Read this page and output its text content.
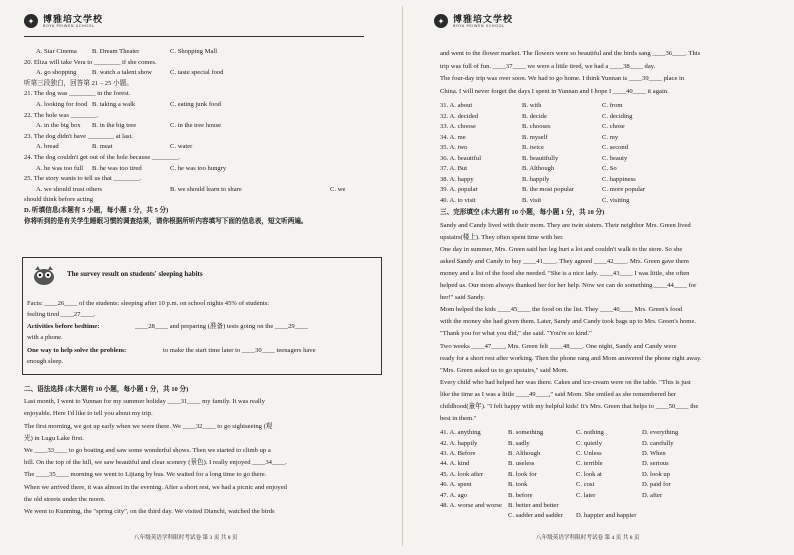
✦ 博雅培文学校
BOYA PEIWEN SCHOOL
A. Star Cinema B. Dream Theater	C. Shopping Mall
20. Eliza will take Vera to ________ if she comes.
A. go shopping B. watch a talent show	C. taste special food
听第三段独白，回答第 21 – 25 小题。
21. The dog was ________ in the forest.
A. looking for food B. taking a walk	C. eating junk food
22. The hole was ________.
A. in the big box B. in the big tree	C. in the tree house
23. The dog didn't have ________ at last.
A. bread	B. meat	C. water
24. The dog couldn't get out of the hole because ________.
A. he was too full B. he was too tired	C. he was too hungry
25. The story wants to tell us that ________.
A. we should trust others	B. we should learn to share	C. we
should think before acting
D. 听填信息(本题有 5 小题，每小题 1 分，共 5 分)
你将听到的是有关学生睡眠习惯的调查结果，请你根据所听内容填写下面的信息表，短文听两遍。
The survey result on students' sleeping habits
Facts: ____26____ of the students: sleeping after 10 p.m. on school nights 45% of students:
feeling tired ____27____.
Activities before bedtime:	____28____ and preparing (准备) tests going on the ____29____
with a phone.
One way to help solve the problem:	to make the start time later to ____30____ teenagers have
enough sleep.
二、语法选择 (本大题有 10 小题，每小题 1 分，共 10 分)
Last month, I went to Yunnan for my summer holiday ____31____ my family. It was really
enjoyable. Here I'd like to tell you about my trip.
The first morning, we got up early when we were there. We ____32____ to go sightseeing (观
光) in Lugu Lake first.
We ____33____ to go boating and saw some wonderful shows. Then we started to climb up a
hill. On the top of the hill, we saw beautiful and clear scenery (景色). I really enjoyed ____34____.
The ____35____ morning we went to Lijiang by bus. We waited for a long time to go there.
When we arrived there, it was almost in the evening. After a short rest, we had a picnic and enjoyed
the old streets under the moon.
We went to Kunming, the "spring city", on the third day. We visited Dianchi, watched the birds
八年级英语学科限时考试卷 第 3 页 共 8 页
✦ 博雅培文学校
BOYA PEIWEN SCHOOL
and went to the flower market. The flowers were so beautiful and the birds sang ____36____. This
trip was full of fun. ____37____ we were a little tired, we had a ____38____ day.
The four-day trip was over soon. We had to go home. I think Yunnan is ____39____ place in
China. I will never forget the days I spent in Yunnan and I hope I ____40____ it again.
31. A. about	B. with	C. from
32. A. decided	B. decide	C. deciding
33. A. choose	B. chooses	C. chose
34. A. me	B. myself	C. my
35. A. two	B. twice	C. second
36. A. beautiful	B. beautifully	C. beauty
37. A. But	B. Although	C. So
38. A. happy	B. happily	C. happiness
39. A. popular	B. the most popular	C. more popular
40. A. to visit	B. visit	C. visiting
三、完形填空 (本大题有 10 小题，每小题 1 分，共 10 分)
Sandy and Candy lived with their mom. They are twin sisters. Their neighbor Mrs. Green lived
upstairs(楼上). They often spent time with her.
One day in summer, Mrs. Green said her leg hurt a lot and couldn't walk to the store. So she
asked Sandy and Candy to buy ____41____. They agreed ____42____. Mrs. Green gave them
money and a list of the food she needed. "She is a nice lady. ____43____ I was little, she often
helped us. Our mom always thanked her for her help. Now we can do something ____44____ for
her!" said Sandy.
Mom helped the kids ____45____ the food on the list. They ____46____ Mrs. Green's food
with the money she had given them. Later, Sandy and Candy took bags up to Mrs. Green's home.
"Thank you for what you did," she said. "You're so kind."
Two weeks ____47____, Mrs. Green felt ____48____. One night, Sandy and Candy were
ready for a short rest after working. Then the phone rang and Mom answered the phone right away.
"Mrs. Green asked us to go upstairs," said Mom.
Every child who had helped her was there. Cakes and ice-cream were on the table. "This is just
like the time as I was a little ____49____," said Mom. She smiled as she remembered her
childhood(童年). "I felt happy with my helpful kids! It's Mrs. Green that helps to ____50____ the
best in them."
41. A. anything	B. something	C. nothing	D. everything
42. A. happily	B. sadly	C. quietly	D. carefully
43. A. Before	B. Although	C. Unless	D. When
44. A. kind	B. useless	C. terrible	D. serious
45. A. look after	B. look for	C. look at	D. look up
46. A. spent	B. took	C. cost	D. paid for
47. A. ago	B. before	C. later	D. after
48. A. worse and worse B. better and better
C. sadder and sadder D. happier and happier
八年级英语学科限时考试卷 第 4 页 共 8 页
